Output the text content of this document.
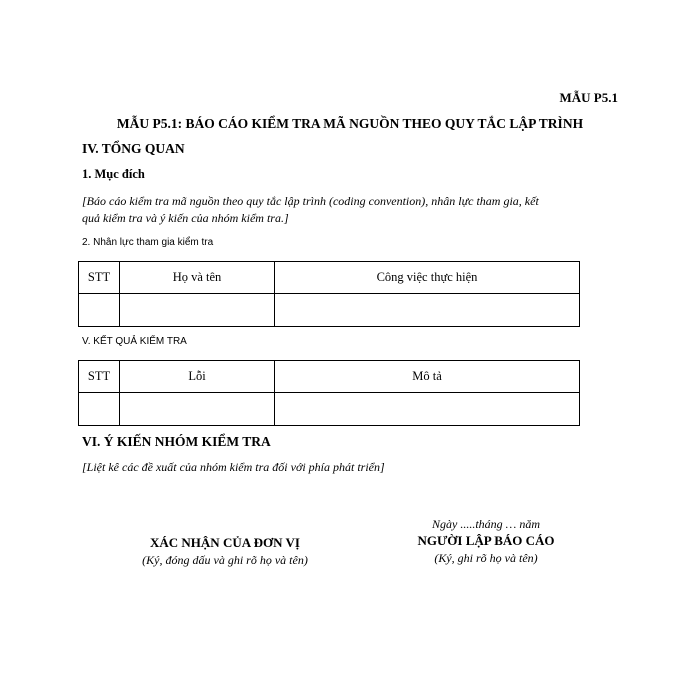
MẪU P5.1
MẪU P5.1: BÁO CÁO KIỂM TRA MÃ NGUỒN THEO QUY TẮC LẬP TRÌNH
IV. TỔNG QUAN
1. Mục đích
[Báo cáo kiểm tra mã nguồn theo quy tắc lập trình (coding convention), nhân lực tham gia, kết
quả kiểm tra và ý kiến của nhóm kiểm tra.]
2. Nhân lực tham gia kiểm tra
STT	Họ và tên	Công việc thực hiện

V. KẾT QUẢ KIỂM TRA
STT	Lỗi	Mô tả

VI. Ý KIẾN NHÓM KIỂM TRA
[Liệt kê các đề xuất của nhóm kiểm tra đối với phía phát triển]
XÁC NHẬN CỦA ĐƠN VỊ
(Ký, đóng dấu và ghi rõ họ và tên)
Ngày .....tháng … năm
NGƯỜI LẬP BÁO CÁO
(Ký, ghi rõ họ và tên)
